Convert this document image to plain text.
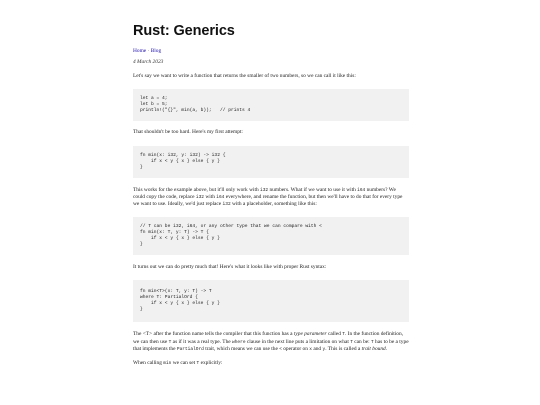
Rust: Generics
Home · Blog
4 March 2023

Let's say we want to write a function that returns the smaller of two numbers, so we can call it like this:

let a = 4;
let b = 5;
println!("{}", min(a, b));   // prints 4

That shouldn't be too hard. Here's my first attempt:

fn min(x: i32, y: i32) -> i32 {
if x < y { x } else { y }
}

This works for the example above, but it'll only work with i32 numbers. What if we want to use it with i64 numbers? We could copy the code, replace i32 with i64 everywhere, and rename the function, but then we'll have to do that for every type we want to use. Ideally, we'd just replace i32 with a placeholder, something like this:

// T can be i32, i64, or any other type that we can compare with <
fn min(x: T, y: T) -> T {
if x < y { x } else { y }
}

It turns out we can do pretty much that! Here's what it looks like with proper Rust syntax:

fn min<T>(x: T, y: T) -> T
where T: PartialOrd {
if x < y { x } else { y }
}

The <T> after the function name tells the compiler that this function has a type parameter called T. In the function definition, we can then use T as if it was a real type. The where clause in the next line puts a limitation on what T can be: T has to be a type that implements the PartialOrd trait, which means we can use the < operator on x and y. This is called a trait bound.

When calling min we can set T explicitly:
